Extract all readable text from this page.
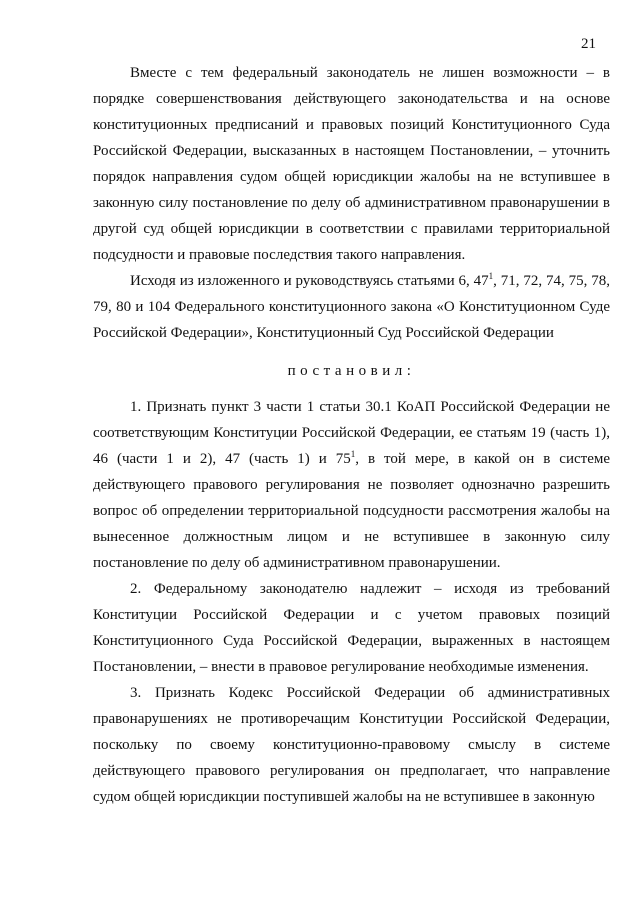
21

Вместе с тем федеральный законодатель не лишен возможности – в порядке совершенствования действующего законодательства и на основе конституционных предписаний и правовых позиций Конституционного Суда Российской Федерации, высказанных в настоящем Постановлении, – уточнить порядок направления судом общей юрисдикции жалобы на не вступившее в законную силу постановление по делу об административном правонарушении в другой суд общей юрисдикции в соответствии с правилами территориальной подсудности и правовые последствия такого направления.

Исходя из изложенного и руководствуясь статьями 6, $47^1$, 71, 72, 74, 75, 78, 79, 80 и 104 Федерального конституционного закона «О Конституционном Суде Российской Федерации», Конституционный Суд Российской Федерации

постановил:

1. Признать пункт 3 части 1 статьи 30.1 КоАП Российской Федерации не соответствующим Конституции Российской Федерации, ее статьям 19 (часть 1), 46 (части 1 и 2), 47 (часть 1) и $75^1$, в той мере, в какой он в системе действующего правового регулирования не позволяет однозначно разрешить вопрос об определении территориальной подсудности рассмотрения жалобы на вынесенное должностным лицом и не вступившее в законную силу постановление по делу об административном правонарушении.

2. Федеральному законодателю надлежит – исходя из требований Конституции Российской Федерации и с учетом правовых позиций Конституционного Суда Российской Федерации, выраженных в настоящем Постановлении, – внести в правовое регулирование необходимые изменения.

3. Признать Кодекс Российской Федерации об административных правонарушениях не противоречащим Конституции Российской Федерации, поскольку по своему конституционно-правовому смыслу в системе действующего правового регулирования он предполагает, что направление судом общей юрисдикции поступившей жалобы на не вступившее в законную
